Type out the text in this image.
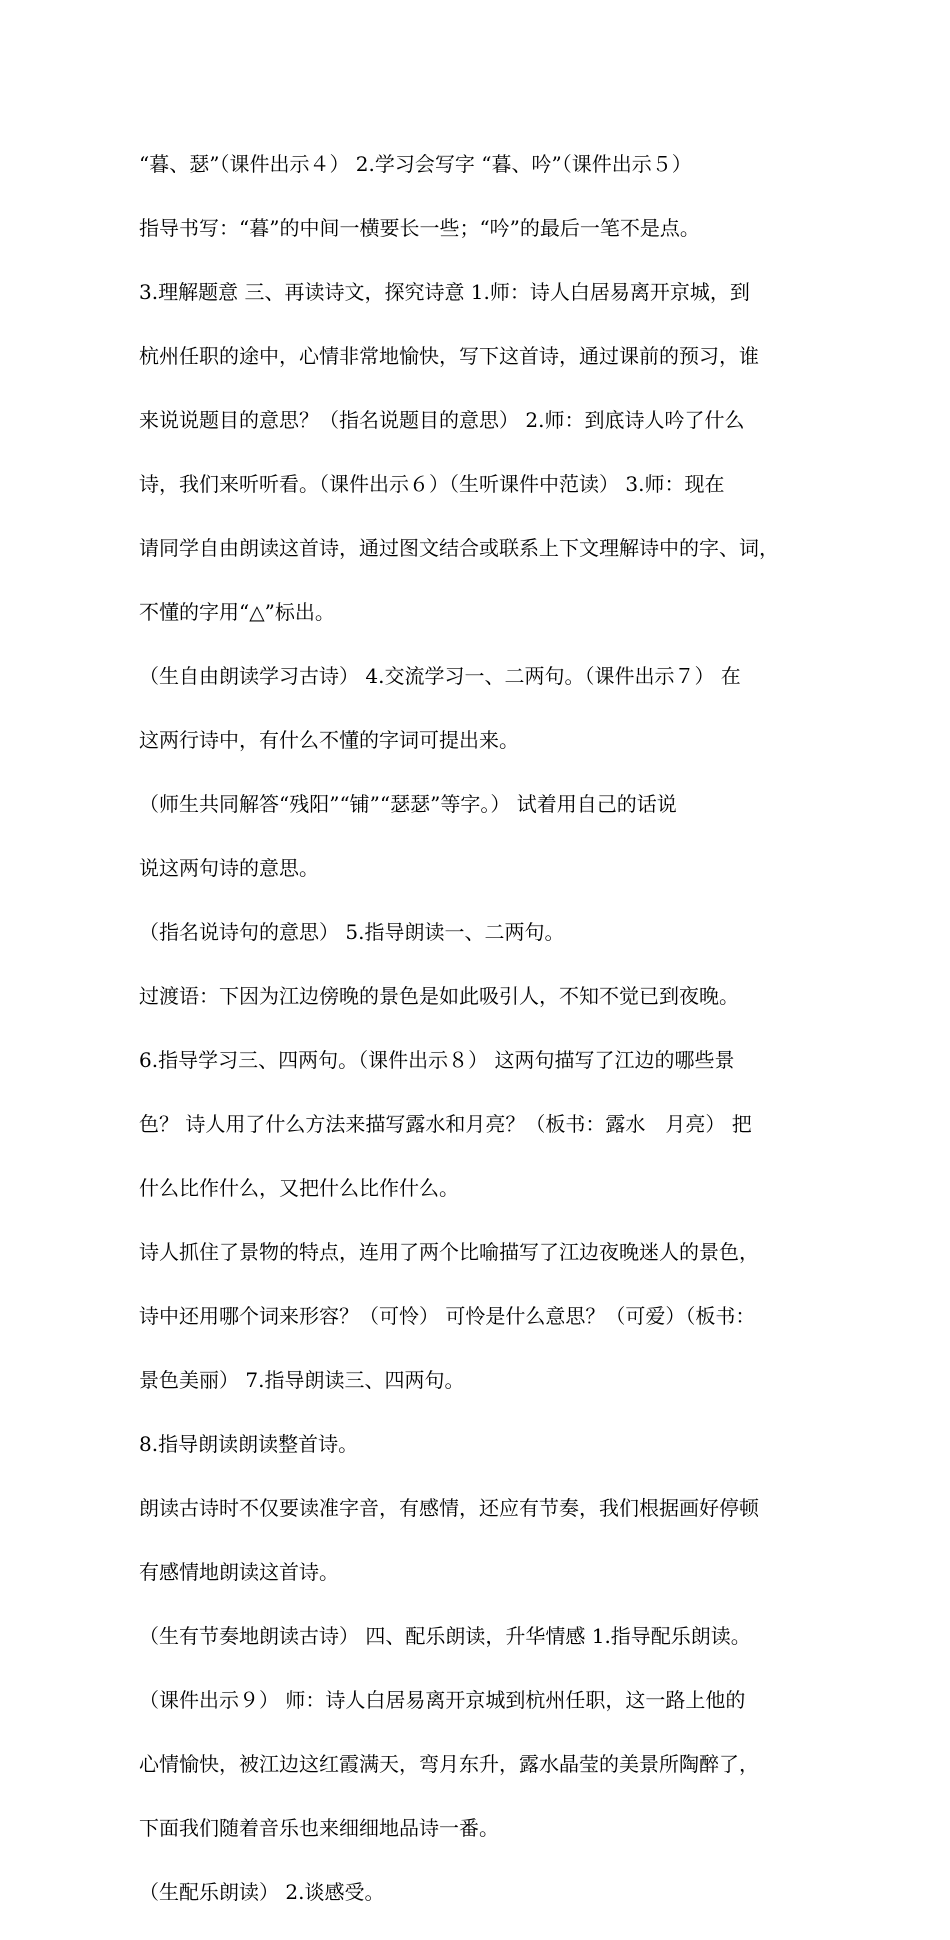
“暮、瑟”（课件出示４） 2.学习会写字 “暮、吟”（课件出示５）

指导书写：“暮”的中间一横要长一些；“吟”的最后一笔不是点。

3.理解题意 三、再读诗文，探究诗意 1.师：诗人白居易离开京城，到

杭州任职的途中，心情非常地愉快，写下这首诗，通过课前的预习，谁

来说说题目的意思？（指名说题目的意思） 2.师：到底诗人吟了什么

诗，我们来听听看。（课件出示６）（生听课件中范读） 3.师：现在

请同学自由朗读这首诗，通过图文结合或联系上下文理解诗中的字、词，

不懂的字用“△”标出。

（生自由朗读学习古诗） 4.交流学习一、二两句。（课件出示７） 在

这两行诗中，有什么不懂的字词可提出来。

（师生共同解答“残阳”“铺”“瑟瑟”等字。） 试着用自己的话说

说这两句诗的意思。

（指名说诗句的意思） 5.指导朗读一、二两句。

过渡语：下因为江边傍晚的景色是如此吸引人，不知不觉已到夜晚。

6.指导学习三、四两句。（课件出示８） 这两句描写了江边的哪些景

色？ 诗人用了什么方法来描写露水和月亮？（板书：露水　月亮） 把

什么比作什么，又把什么比作什么。

诗人抓住了景物的特点，连用了两个比喻描写了江边夜晚迷人的景色，

诗中还用哪个词来形容？（可怜） 可怜是什么意思？（可爱）（板书：

景色美丽） 7.指导朗读三、四两句。

8.指导朗读朗读整首诗。

朗读古诗时不仅要读准字音，有感情，还应有节奏，我们根据画好停顿

有感情地朗读这首诗。

（生有节奏地朗读古诗） 四、配乐朗读，升华情感 1.指导配乐朗读。

（课件出示９） 师：诗人白居易离开京城到杭州任职，这一路上他的

心情愉快，被江边这红霞满天，弯月东升，露水晶莹的美景所陶醉了，

下面我们随着音乐也来细细地品诗一番。

（生配乐朗读） 2.谈感受。
